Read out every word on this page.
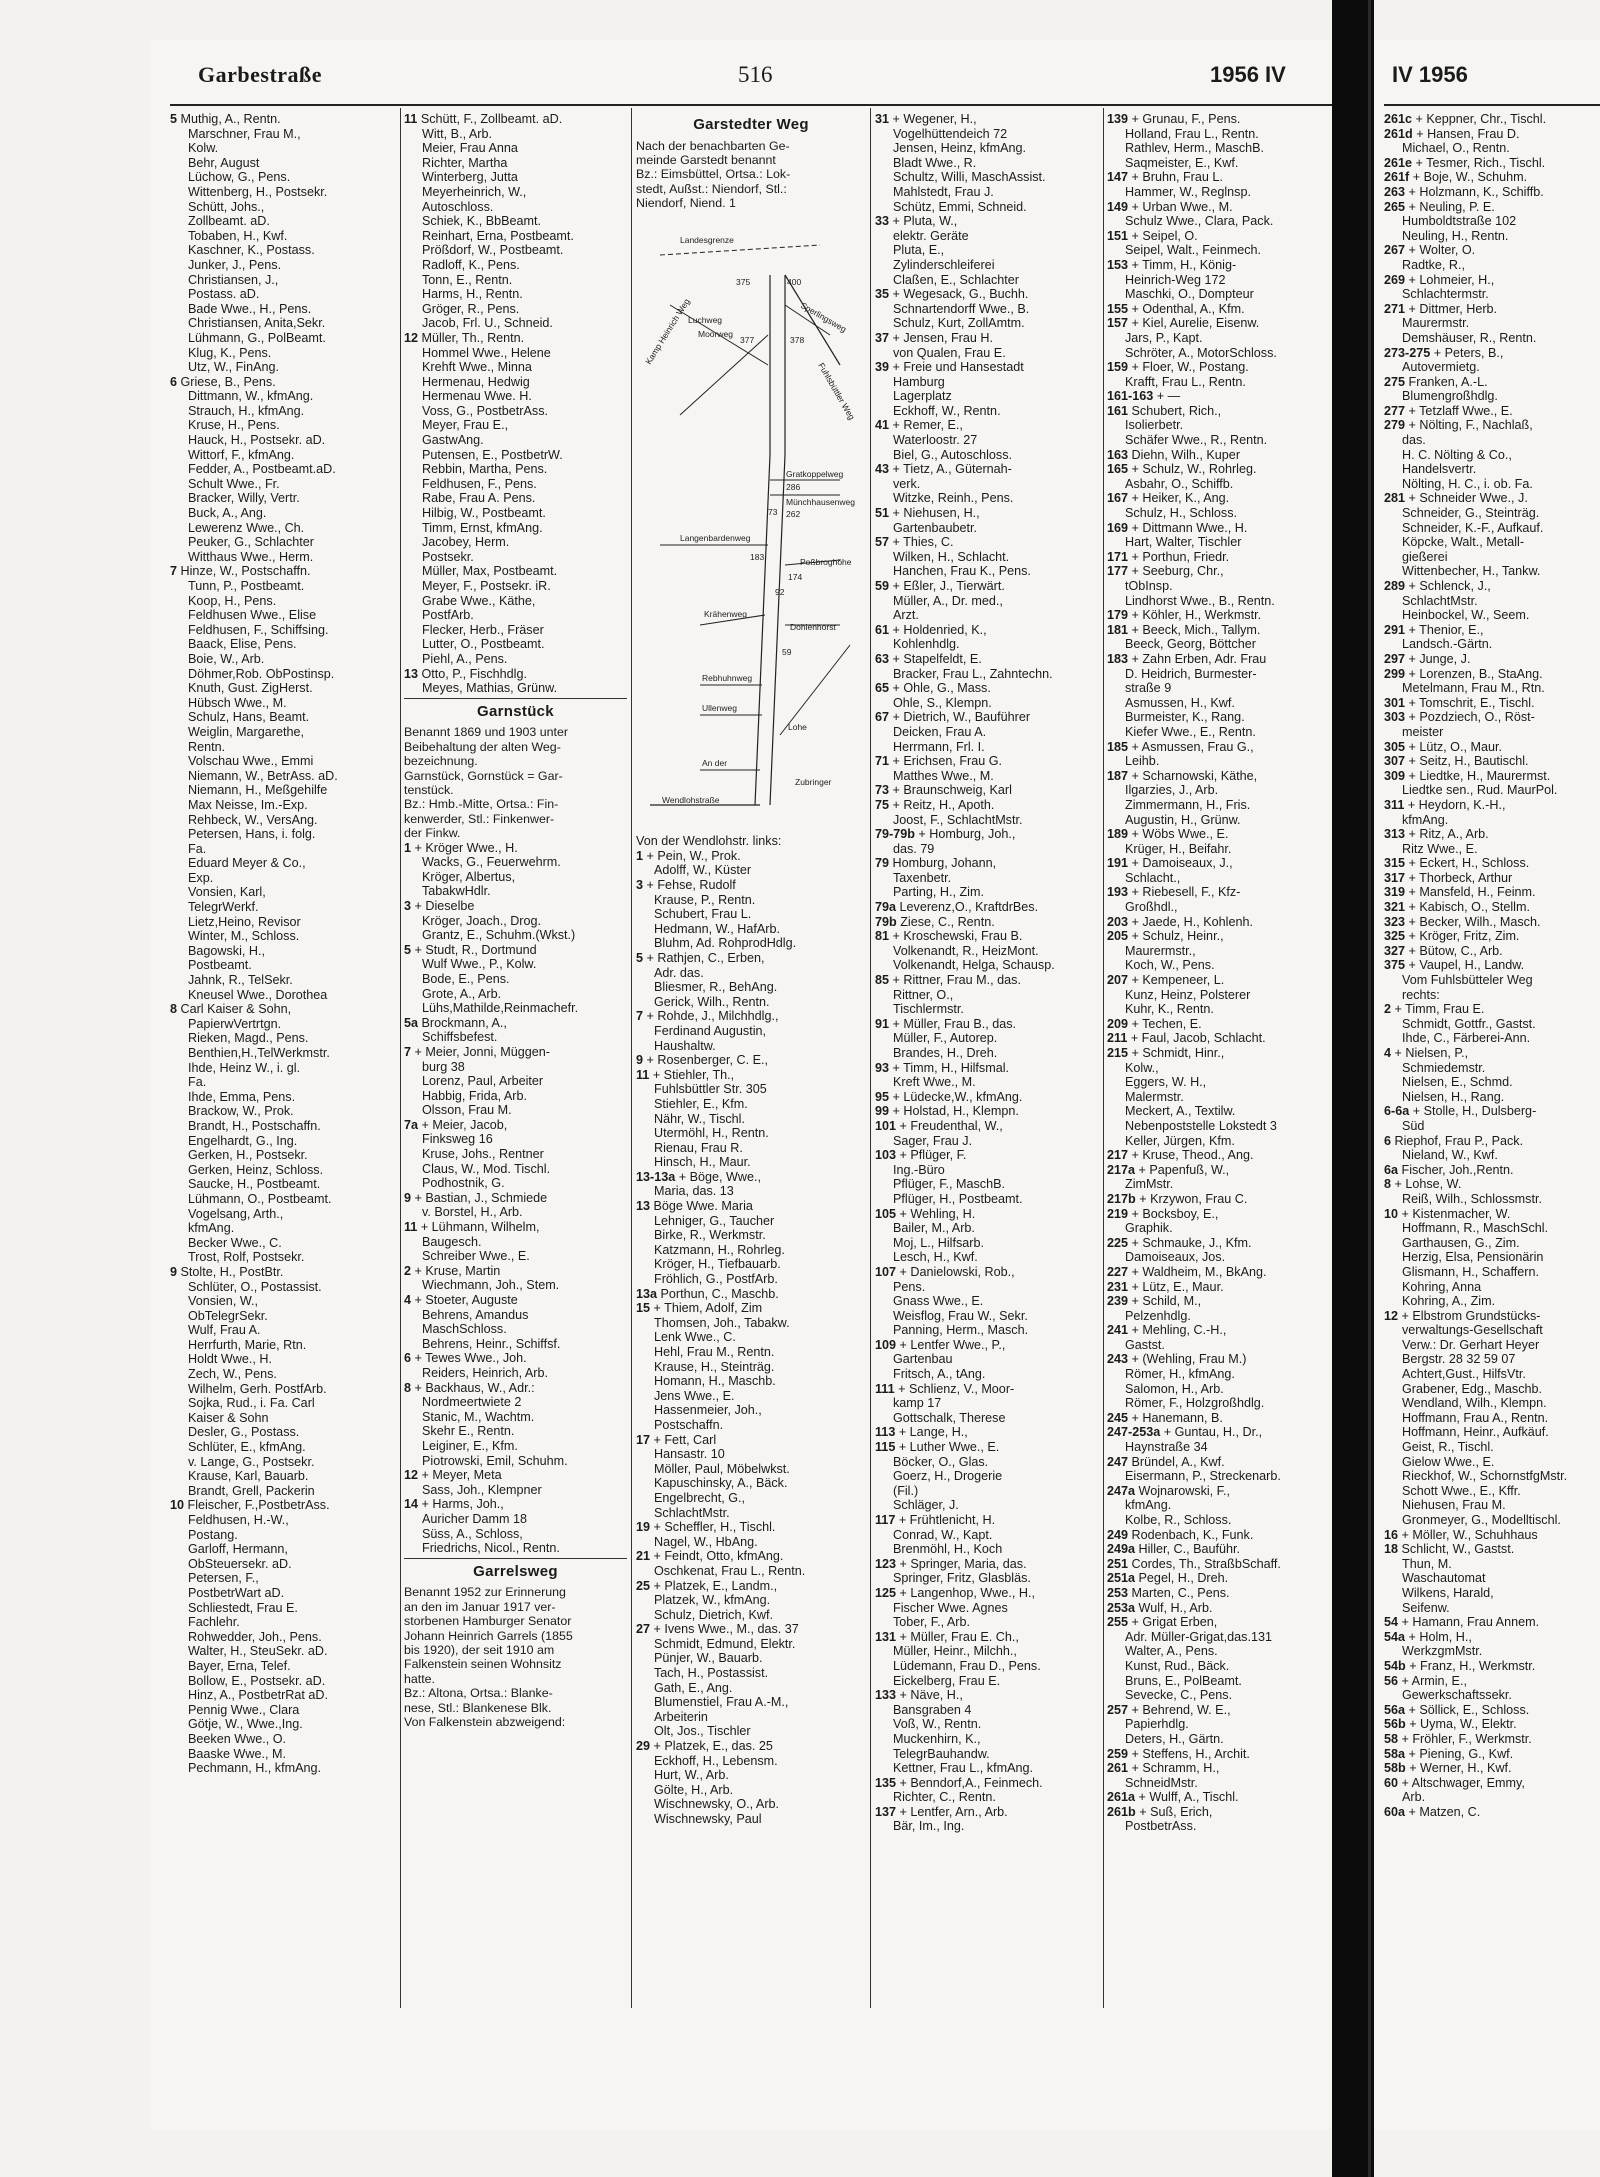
Garbestraße	516	1956 IV	IV 1956
5 Muthig, A., Rentn.
Marschner, Frau M.,
Kolw.
Behr, August
Lüchow, G., Pens.
Wittenberg, H., Postsekr.
Schütt, Johs.,
Zollbeamt. aD.
Tobaben, H., Kwf.
Kaschner, K., Postass.
Junker, J., Pens.
Christiansen, J.,
Postass. aD.
Bade Wwe., H., Pens.
Christiansen, Anita,Sekr.
Lühmann, G., PolBeamt.
Klug, K., Pens.
Utz, W., FinAng.
6 Griese, B., Pens.
Dittmann, W., kfmAng.
Strauch, H., kfmAng.
Kruse, H., Pens.
Hauck, H., Postsekr. aD.
Wittorf, F., kfmAng.
Fedder, A., Postbeamt.aD.
Schult Wwe., Fr.
Bracker, Willy, Vertr.
Buck, A., Ang.
Lewerenz Wwe., Ch.
Peuker, G., Schlachter
Witthaus Wwe., Herm.
7 Hinze, W., Postschaffn.
Tunn, P., Postbeamt.
Koop, H., Pens.
Feldhusen Wwe., Elise
Feldhusen, F., Schiffsing.
Baack, Elise, Pens.
Boie, W., Arb.
Döhmer,Rob. ObPostinsp.
Knuth, Gust. ZigHerst.
Hübsch Wwe., M.
Schulz, Hans, Beamt.
Weiglin, Margarethe,
Rentn.
Volschau Wwe., Emmi
Niemann, W., BetrAss. aD.
Niemann, H., Meßgehilfe
Max Neisse, Im.-Exp.
Rehbeck, W., VersAng.
Petersen, Hans, i. folg.
Fa.
Eduard Meyer & Co.,
Exp.
Vonsien, Karl,
TelegrWerkf.
Lietz,Heino, Revisor
Winter, M., Schloss.
Bagowski, H.,
Postbeamt.
Jahnk, R., TelSekr.
Kneusel Wwe., Dorothea
8 Carl Kaiser & Sohn,
PapierwVertrtgn.
Rieken, Magd., Pens.
Benthien,H.,TelWerkmstr.
Ihde, Heinz W., i. gl.
Fa.
Ihde, Emma, Pens.
Brackow, W., Prok.
Brandt, H., Postschaffn.
Engelhardt, G., Ing.
Gerken, H., Postsekr.
Gerken, Heinz, Schloss.
Saucke, H., Postbeamt.
Lühmann, O., Postbeamt.
Vogelsang, Arth.,
kfmAng.
Becker Wwe., C.
Trost, Rolf, Postsekr.
9 Stolte, H., PostBtr.
Schlüter, O., Postassist.
Vonsien, W.,
ObTelegrSekr.
Wulf, Frau A.
Herrfurth, Marie, Rtn.
Holdt Wwe., H.
Zech, W., Pens.
Wilhelm, Gerh. PostfArb.
Sojka, Rud., i. Fa. Carl
Kaiser & Sohn
Desler, G., Postass.
Schlüter, E., kfmAng.
v. Lange, G., Postsekr.
Krause, Karl, Bauarb.
Brandt, Grell, Packerin
10 Fleischer, F.,PostbetrAss.
Feldhusen, H.-W.,
Postang.
Garloff, Hermann,
ObSteuersekr. aD.
Petersen, F.,
PostbetrWart aD.
Schliestedt, Frau E.
Fachlehr.
Rohwedder, Joh., Pens.
Walter, H., SteuSekr. aD.
Bayer, Erna, Telef.
Bollow, E., Postsekr. aD.
Hinz, A., PostbetrRat aD.
Pennig Wwe., Clara
Götje, W., Wwe.,Ing.
Beeken Wwe., O.
Baaske Wwe., M.
Pechmann, H., kfmAng.
11 Schütt, F., Zollbeamt. aD.
Witt, B., Arb.
Meier, Frau Anna
Richter, Martha
Winterberg, Jutta
Meyerheinrich, W.,
Autoschloss.
Schiek, K., BbBeamt.
Reinhart, Erna, Postbeamt.
Prößdorf, W., Postbeamt.
Radloff, K., Pens.
Tonn, E., Rentn.
Harms, H., Rentn.
Gröger, R., Pens.
Jacob, Frl. U., Schneid.
12 Müller, Th., Rentn.
Hommel Wwe., Helene
Krehft Wwe., Minna
Hermenau, Hedwig
Hermenau Wwe. H.
Voss, G., PostbetrAss.
Meyer, Frau E.,
GastwAng.
Putensen, E., PostbetrW.
Rebbin, Martha, Pens.
Feldhusen, F., Pens.
Rabe, Frau A. Pens.
Hilbig, W., Postbeamt.
Timm, Ernst, kfmAng.
Jacobey, Herm.
Postsekr.
Müller, Max, Postbeamt.
Meyer, F., Postsekr. iR.
Grabe Wwe., Käthe,
PostfArb.
Flecker, Herb., Fräser
Lutter, O., Postbeamt.
Piehl, A., Pens.
13 Otto, P., Fischhdlg.
Meyes, Mathias, Grünw.
Garnstück
Benannt 1869 und 1903 unter
Beibehaltung der alten Weg-
bezeichnung.
Garnstück, Gornstück = Gar-
tenstück.
Bz.: Hmb.-Mitte, Ortsa.: Fin-
kenwerder, Stl.: Finkenwer-
der Finkw.
1 + Kröger Wwe., H.
Wacks, G., Feuerwehrm.
Kröger, Albertus,
TabakwHdlr.
3 + Dieselbe
Kröger, Joach., Drog.
Grantz, E., Schuhm.(Wkst.)
5 + Studt, R., Dortmund
Wulf Wwe., P., Kolw.
Bode, E., Pens.
Grote, A., Arb.
Lühs,Mathilde,Reinmachefr.
5a Brockmann, A.,
Schiffsbefest.
7 + Meier, Jonni, Müggen-
burg 38
Lorenz, Paul, Arbeiter
Habbig, Frida, Arb.
Olsson, Frau M.
7a + Meier, Jacob,
Finksweg 16
Kruse, Johs., Rentner
Claus, W., Mod. Tischl.
Podhostnik, G.
9 + Bastian, J., Schmiede
v. Borstel, H., Arb.
11 + Lühmann, Wilhelm,
Baugesch.
Schreiber Wwe., E.
2 + Kruse, Martin
Wiechmann, Joh., Stem.
4 + Stoeter, Auguste
Behrens, Amandus
MaschSchloss.
Behrens, Heinr., Schiffsf.
6 + Tewes Wwe., Joh.
Reiders, Heinrich, Arb.
8 + Backhaus, W., Adr.:
Nordmeertwiete 2
Stanic, M., Wachtm.
Skehr E., Rentn.
Leiginer, E., Kfm.
Piotrowski, Emil, Schuhm.
12 + Meyer, Meta
Sass, Joh., Klempner
14 + Harms, Joh.,
Auricher Damm 18
Süss, A., Schloss,
Friedrichs, Nicol., Rentn.
Garrelsweg
Benannt 1952 zur Erinnerung
an den im Januar 1917 ver-
storbenen Hamburger Senator
Johann Heinrich Garrels (1855
bis 1920), der seit 1910 am
Falkenstein seinen Wohnsitz
hatte.
Bz.: Altona, Ortsa.: Blanke-
nese, Stl.: Blankenese Blk.
Von Falkenstein abzweigend:
Garstedter Weg
Nach der benachbarten Ge-
meinde Garstedt benannt
Bz.: Eimsbüttel, Ortsa.: Lok-
stedt, Außst.: Niendorf, Stl.:
Niendorf, Niend. 1
Landesgrenze
375	400
Luchweg
Moorweg	Sperlingsweg
377	378
Kamp Heinrich Weg
Fuhlsbüttler Weg
Gratkoppelweg
286
Münchhausenweg
262
Langenbardenweg
183	Poßbroghöhe
174
Krähenweg
Dohlenhorst
Rebhuhnweg
Ullenweg
Lohe
An der
Wendlohstraße
Zubringer
59
92
73
Von der Wendlohstr. links:
1 + Pein, W., Prok.
Adolff, W., Küster
3 + Fehse, Rudolf
Krause, P., Rentn.
Schubert, Frau L.
Hedmann, W., HafArb.
Bluhm, Ad. RohprodHdlg.
5 + Rathjen, C., Erben,
Adr. das.
Bliesmer, R., BehAng.
Gerick, Wilh., Rentn.
7 + Rohde, J., Milchhdlg.,
Ferdinand Augustin,
Haushaltw.
9 + Rosenberger, C. E.,
11 + Stiehler, Th.,
Fuhlsbüttler Str. 305
Stiehler, E., Kfm.
Nähr, W., Tischl.
Utermöhl, H., Rentn.
Rienau, Frau R.
Hinsch, H., Maur.
13-13a + Böge, Wwe.,
Maria, das. 13
13 Böge Wwe. Maria
Lehniger, G., Taucher
Birke, R., Werkmstr.
Katzmann, H., Rohrleg.
Kröger, H., Tiefbauarb.
Fröhlich, G., PostfArb.
13a Porthun, C., Maschb.
15 + Thiem, Adolf, Zim
Thomsen, Joh., Tabakw.
Lenk Wwe., C.
Hehl, Frau M., Rentn.
Krause, H., Steinträg.
Homann, H., Maschb.
Jens Wwe., E.
Hassenmeier, Joh.,
Postschaffn.
17 + Fett, Carl
Hansastr. 10
Möller, Paul, Möbelwkst.
Kapuschinsky, A., Bäck.
Engelbrecht, G.,
SchlachtMstr.
19 + Scheffler, H., Tischl.
Nagel, W., HbAng.
21 + Feindt, Otto, kfmAng.
Oschkenat, Frau L., Rentn.
25 + Platzek, E., Landm.,
Platzek, W., kfmAng.
Schulz, Dietrich, Kwf.
27 + Ivens Wwe., M., das. 37
Schmidt, Edmund, Elektr.
Pünjer, W., Bauarb.
Tach, H., Postassist.
Gath, E., Ang.
Blumenstiel, Frau A.-M.,
Arbeiterin
Olt, Jos., Tischler
29 + Platzek, E., das. 25
Eckhoff, H., Lebensm.
Hurt, W., Arb.
Gölte, H., Arb.
Wischnewsky, O., Arb.
Wischnewsky, Paul
31 + Wegener, H.,
Vogelhüttendeich 72
Jensen, Heinz, kfmAng.
Bladt Wwe., R.
Schultz, Willi, MaschAssist.
Mahlstedt, Frau J.
Schütz, Emmi, Schneid.
33 + Pluta, W.,
elektr. Geräte
Pluta, E.,
Zylinderschleiferei
Claßen, E., Schlachter
35 + Wegesack, G., Buchh.
Schnartendorff Wwe., B.
Schulz, Kurt, ZollAmtm.
37 + Jensen, Frau H.
von Qualen, Frau E.
39 + Freie und Hansestadt
Hamburg
Lagerplatz
Eckhoff, W., Rentn.
41 + Remer, E.,
Waterloostr. 27
Biel, G., Autoschloss.
43 + Tietz, A., Güternah-
verk.
Witzke, Reinh., Pens.
51 + Niehusen, H.,
Gartenbaubetr.
57 + Thies, C.
Wilken, H., Schlacht.
Hanchen, Frau K., Pens.
59 + Eßler, J., Tierwärt.
Müller, A., Dr. med.,
Arzt.
61 + Holdenried, K.,
Kohlenhdlg.
63 + Stapelfeldt, E.
Bracker, Frau L., Zahntechn.
65 + Ohle, G., Mass.
Ohle, S., Klempn.
67 + Dietrich, W., Bauführer
Deicken, Frau A.
Herrmann, Frl. I.
71 + Erichsen, Frau G.
Matthes Wwe., M.
73 + Braunschweig, Karl
75 + Reitz, H., Apoth.
Joost, F., SchlachtMstr.
79-79b + Homburg, Joh.,
das. 79
79 Homburg, Johann,
Taxenbetr.
Parting, H., Zim.
79a Leverenz,O., KraftdrBes.
79b Ziese, C., Rentn.
81 + Kroschewski, Frau B.
Volkenandt, R., HeizMont.
Volkenandt, Helga, Schausp.
85 + Rittner, Frau M., das.
Rittner, O.,
Tischlermstr.
91 + Müller, Frau B., das.
Müller, F., Autorep.
Brandes, H., Dreh.
93 + Timm, H., Hilfsmal.
Kreft Wwe., M.
95 + Lüdecke,W., kfmAng.
99 + Holstad, H., Klempn.
101 + Freudenthal, W.,
Sager, Frau J.
103 + Pflüger, F.
Ing.-Büro
Pflüger, F., MaschB.
Pflüger, H., Postbeamt.
105 + Wehling, H.
Bailer, M., Arb.
Moj, L., Hilfsarb.
Lesch, H., Kwf.
107 + Danielowski, Rob.,
Pens.
Gnass Wwe., E.
Weisflog, Frau W., Sekr.
Panning, Herm., Masch.
109 + Lentfer Wwe., P.,
Gartenbau
Fritsch, A., tAng.
111 + Schlienz, V., Moor-
kamp 17
Gottschalk, Therese
113 + Lange, H.,
115 + Luther Wwe., E.
Böcker, O., Glas.
Goerz, H., Drogerie
(Fil.)
Schläger, J.
117 + Frühtlenicht, H.
Conrad, W., Kapt.
Brenmöhl, H., Koch
123 + Springer, Maria, das.
Springer, Fritz, Glasbläs.
125 + Langenhop, Wwe., H.,
Fischer Wwe. Agnes
Tober, F., Arb.
131 + Müller, Frau E. Ch.,
Müller, Heinr., Milchh.,
Lüdemann, Frau D., Pens.
Eickelberg, Frau E.
133 + Näve, H.,
Bansgraben 4
Voß, W., Rentn.
Muckenhirn, K.,
TelegrBauhandw.
Kettner, Frau L., kfmAng.
135 + Benndorf,A., Feinmech.
Richter, C., Rentn.
137 + Lentfer, Arn., Arb.
Bär, Im., Ing.
139 + Grunau, F., Pens.
Holland, Frau L., Rentn.
Rathlev, Herm., MaschB.
Saqmeister, E., Kwf.
147 + Bruhn, Frau L.
Hammer, W., Reglnsp.
149 + Urban Wwe., M.
Schulz Wwe., Clara, Pack.
151 + Seipel, O.
Seipel, Walt., Feinmech.
153 + Timm, H., König-
Heinrich-Weg 172
Maschki, O., Dompteur
155 + Odenthal, A., Kfm.
157 + Kiel, Aurelie, Eisenw.
Jars, P., Kapt.
Schröter, A., MotorSchloss.
159 + Floer, W., Postang.
Krafft, Frau L., Rentn.
161-163 + —
161 Schubert, Rich.,
Isolierbetr.
Schäfer Wwe., R., Rentn.
163 Diehn, Wilh., Kuper
165 + Schulz, W., Rohrleg.
Asbahr, O., Schiffb.
167 + Heiker, K., Ang.
Schulz, H., Schloss.
169 + Dittmann Wwe., H.
Hart, Walter, Tischler
171 + Porthun, Friedr.
177 + Seeburg, Chr.,
tObInsp.
Lindhorst Wwe., B., Rentn.
179 + Köhler, H., Werkmstr.
181 + Beeck, Mich., Tallym.
Beeck, Georg, Böttcher
183 + Zahn Erben, Adr. Frau
D. Heidrich, Burmester-
straße 9
Asmussen, H., Kwf.
Burmeister, K., Rang.
Kiefer Wwe., E., Rentn.
185 + Asmussen, Frau G.,
Leihb.
187 + Scharnowski, Käthe,
Ilgarzies, J., Arb.
Zimmermann, H., Fris.
Augustin, H., Grünw.
189 + Wöbs Wwe., E.
Krüger, H., Beifahr.
191 + Damoiseaux, J.,
Schlacht.,
193 + Riebesell, F., Kfz-
Großhdl.,
203 + Jaede, H., Kohlenh.
205 + Schulz, Heinr.,
Maurermstr.,
Koch, W., Pens.
207 + Kempeneer, L.
Kunz, Heinz, Polsterer
Kuhr, K., Rentn.
209 + Techen, E.
211 + Faul, Jacob, Schlacht.
215 + Schmidt, Hinr.,
Kolw.,
Eggers, W. H.,
Malermstr.
Meckert, A., Textilw.
Nebenpoststelle Lokstedt 3
Keller, Jürgen, Kfm.
217 + Kruse, Theod., Ang.
217a + Papenfuß, W.,
ZimMstr.
217b + Krzywon, Frau C.
219 + Bocksboy, E.,
Graphik.
225 + Schmauke, J., Kfm.
Damoiseaux, Jos.
227 + Waldheim, M., BkAng.
231 + Lütz, E., Maur.
239 + Schild, M.,
Pelzenhdlg.
241 + Mehling, C.-H.,
Gastst.
243 + (Wehling, Frau M.)
Römer, H., kfmAng.
Salomon, H., Arb.
Römer, F., Holzgroßhdlg.
245 + Hanemann, B.
247-253a + Guntau, H., Dr.,
Haynstraße 34
247 Bründel, A., Kwf.
Eisermann, P., Streckenarb.
247a Wojnarowski, F.,
kfmAng.
Kolbe, R., Schloss.
249 Rodenbach, K., Funk.
249a Hiller, C., Bauführ.
251 Cordes, Th., StraßbSchaff.
251a Pegel, H., Dreh.
253 Marten, C., Pens.
253a Wulf, H., Arb.
255 + Grigat Erben,
Adr. Müller-Grigat,das.131
Walter, A., Pens.
Kunst, Rud., Bäck.
Bruns, E., PolBeamt.
Sevecke, C., Pens.
257 + Behrend, W. E.,
Papierhdlg.
Deters, H., Gärtn.
259 + Steffens, H., Archit.
261 + Schramm, H.,
SchneidMstr.
261a + Wulff, A., Tischl.
261b + Suß, Erich,
PostbetrAss.
261c + Keppner, Chr., Tischl.
261d + Hansen, Frau D.
Michael, O., Rentn.
261e + Tesmer, Rich., Tischl.
261f + Boje, W., Schuhm.
263 + Holzmann, K., Schiffb.
265 + Neuling, P. E.
Humboldtstraße 102
Neuling, H., Rentn.
267 + Wolter, O.
Radtke, R.,
269 + Lohmeier, H.,
Schlachtermstr.
271 + Dittmer, Herb.
Maurermstr.
Demshäuser, R., Rentn.
273-275 + Peters, B.,
Autovermietg.
275 Franken, A.-L.
Blumengroßhdlg.
277 + Tetzlaff Wwe., E.
279 + Nölting, F., Nachlaß,
das.
H. C. Nölting & Co.,
Handelsvertr.
Nölting, H. C., i. ob. Fa.
281 + Schneider Wwe., J.
Schneider, G., Steinträg.
Schneider, K.-F., Aufkauf.
Köpcke, Walt., Metall-
gießerei
Wittenbecher, H., Tankw.
289 + Schlenck, J.,
SchlachtMstr.
Heinbockel, W., Seem.
291 + Thenior, E.,
Landsch.-Gärtn.
297 + Junge, J.
299 + Lorenzen, B., StaAng.
Metelmann, Frau M., Rtn.
301 + Tomschrit, E., Tischl.
303 + Pozdziech, O., Röst-
meister
305 + Lütz, O., Maur.
307 + Seitz, H., Bautischl.
309 + Liedtke, H., Maurermst.
Liedtke sen., Rud. MaurPol.
311 + Heydorn, K.-H.,
kfmAng.
313 + Ritz, A., Arb.
Ritz Wwe., E.
315 + Eckert, H., Schloss.
317 + Thorbeck, Arthur
319 + Mansfeld, H., Feinm.
321 + Kabisch, O., Stellm.
323 + Becker, Wilh., Masch.
325 + Kröger, Fritz, Zim.
327 + Bütow, C., Arb.
375 + Vaupel, H., Landw.
Vom Fuhlsbütteler Weg
rechts:
2 + Timm, Frau E.
Schmidt, Gottfr., Gastst.
Ihde, C., Färberei-Ann.
4 + Nielsen, P.,
Schmiedemstr.
Nielsen, E., Schmd.
Nielsen, H., Rang.
6-6a + Stolle, H., Dulsberg-
Süd
6 Riephof, Frau P., Pack.
Nieland, W., Kwf.
6a Fischer, Joh.,Rentn.
8 + Lohse, W.
Reiß, Wilh., Schlossmstr.
10 + Kistenmacher, W.
Hoffmann, R., MaschSchl.
Garthausen, G., Zim.
Herzig, Elsa, Pensionärin
Glismann, H., Schaffern.
Kohring, Anna
Kohring, A., Zim.
12 + Elbstrom Grundstücks-
verwaltungs-Gesellschaft
Verw.: Dr. Gerhart Heyer
Bergstr. 28 32 59 07
Achtert,Gust., HilfsVtr.
Grabener, Edg., Maschb.
Wendland, Wilh., Klempn.
Hoffmann, Frau A., Rentn.
Hoffmann, Heinr., Aufkäuf.
Geist, R., Tischl.
Gielow Wwe., E.
Rieckhof, W., SchornstfgMstr.
Schott Wwe., E., Kffr.
Niehusen, Frau M.
Gronmeyer, G., Modelltischl.
16 + Möller, W., Schuhhaus
18 Schlicht, W., Gastst.
Thun, M.
Waschautomat
Wilkens, Harald,
Seifenw.
54 + Hamann, Frau Annem.
54a + Holm, H.,
WerkzgmMstr.
54b + Franz, H., Werkmstr.
56 + Armin, E.,
Gewerkschaftssekr.
56a + Söllick, E., Schloss.
56b + Uyma, W., Elektr.
58 + Fröhler, F., Werkmstr.
58a + Piening, G., Kwf.
58b + Werner, H., Kwf.
60 + Altschwager, Emmy,
Arb.
60a + Matzen, C.
